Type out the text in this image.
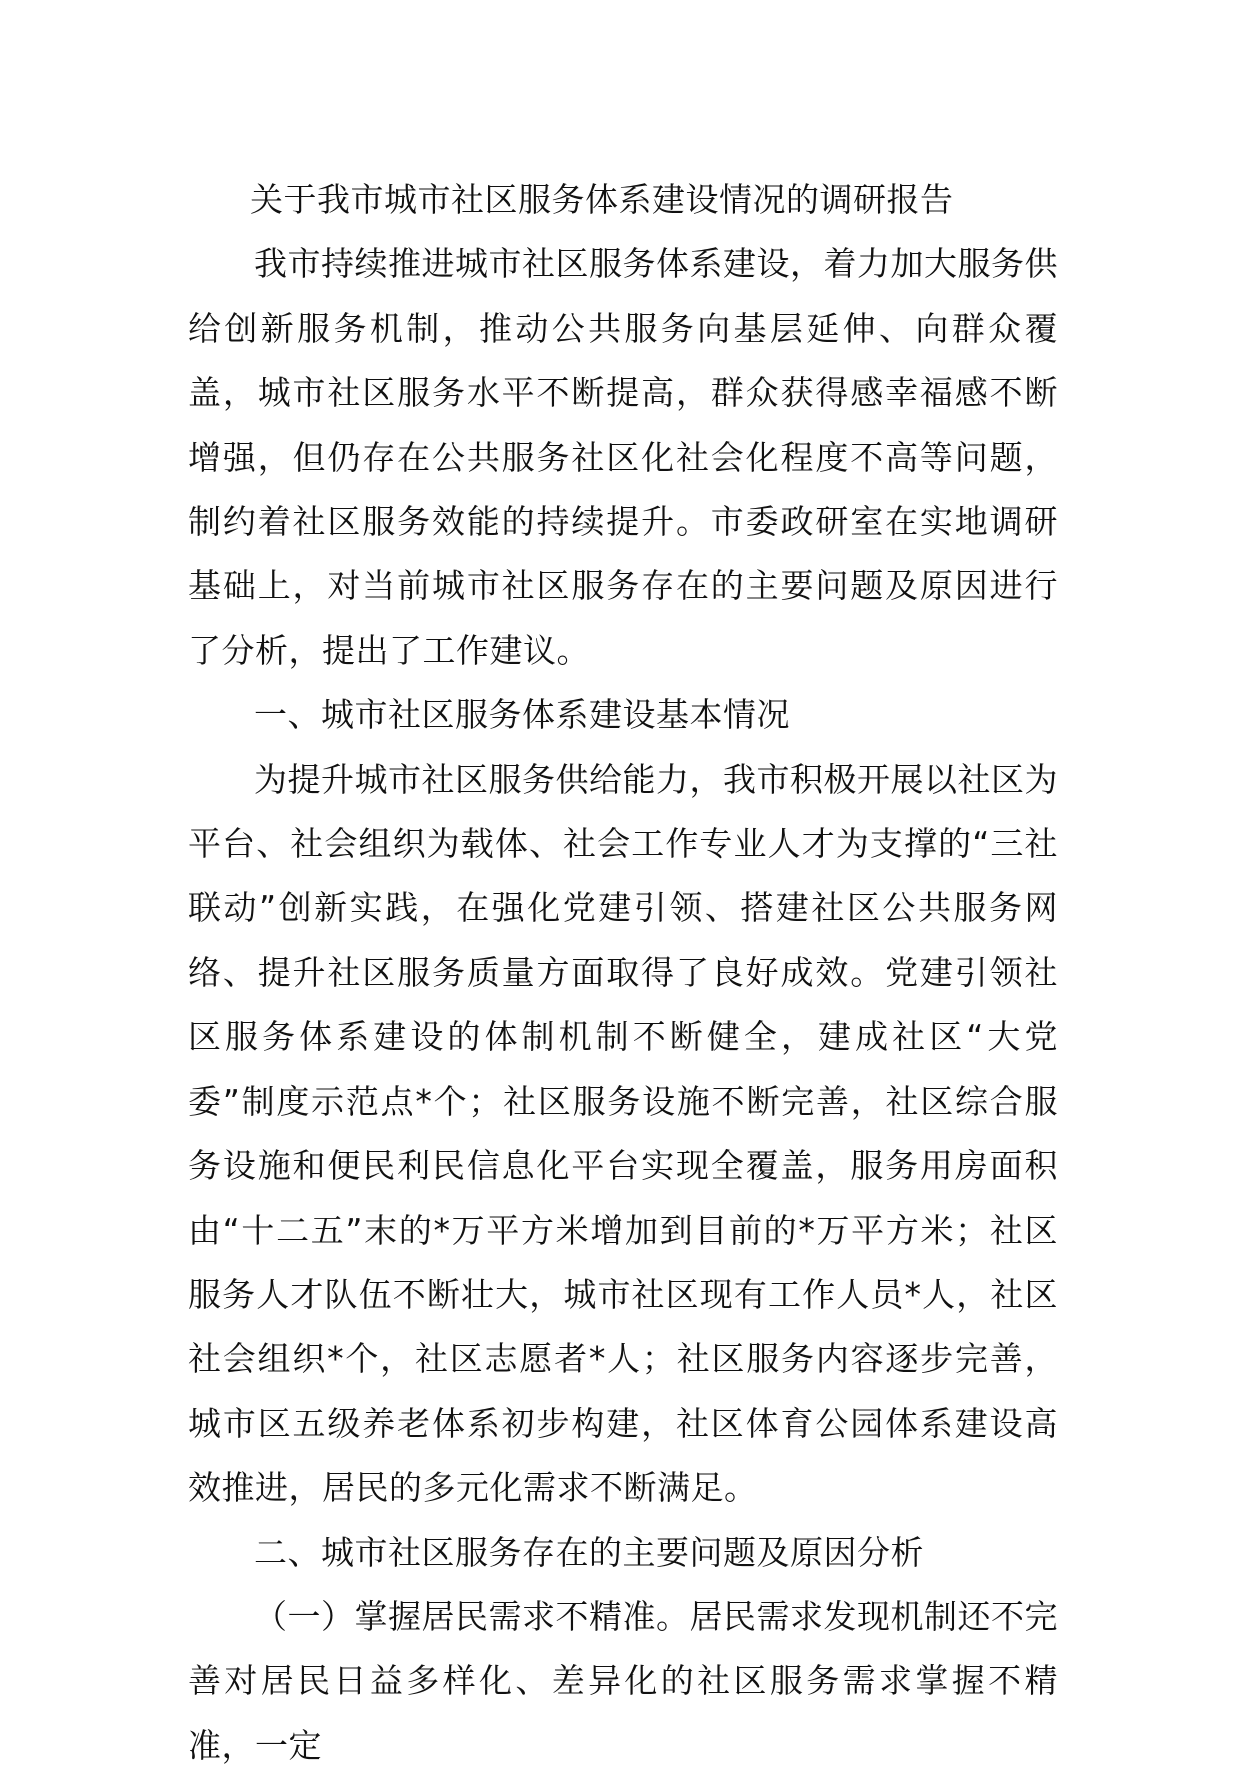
关于我市城市社区服务体系建设情况的调研报告

我市持续推进城市社区服务体系建设，着力加大服务供给创新服务机制，推动公共服务向基层延伸、向群众覆盖，城市社区服务水平不断提高，群众获得感幸福感不断增强，但仍存在公共服务社区化社会化程度不高等问题，制约着社区服务效能的持续提升。市委政研室在实地调研基础上，对当前城市社区服务存在的主要问题及原因进行了分析，提出了工作建议。

一、城市社区服务体系建设基本情况

为提升城市社区服务供给能力，我市积极开展以社区为平台、社会组织为载体、社会工作专业人才为支撑的“三社联动”创新实践，在强化党建引领、搭建社区公共服务网络、提升社区服务质量方面取得了良好成效。党建引领社区服务体系建设的体制机制不断健全，建成社区“大党委”制度示范点*个；社区服务设施不断完善，社区综合服务设施和便民利民信息化平台实现全覆盖，服务用房面积由“十二五”末的*万平方米增加到目前的*万平方米；社区服务人才队伍不断壮大，城市社区现有工作人员*人，社区社会组织*个，社区志愿者*人；社区服务内容逐步完善，城市区五级养老体系初步构建，社区体育公园体系建设高效推进，居民的多元化需求不断满足。

二、城市社区服务存在的主要问题及原因分析

（一）掌握居民需求不精准。居民需求发现机制还不完善对居民日益多样化、差异化的社区服务需求掌握不精准，一定
